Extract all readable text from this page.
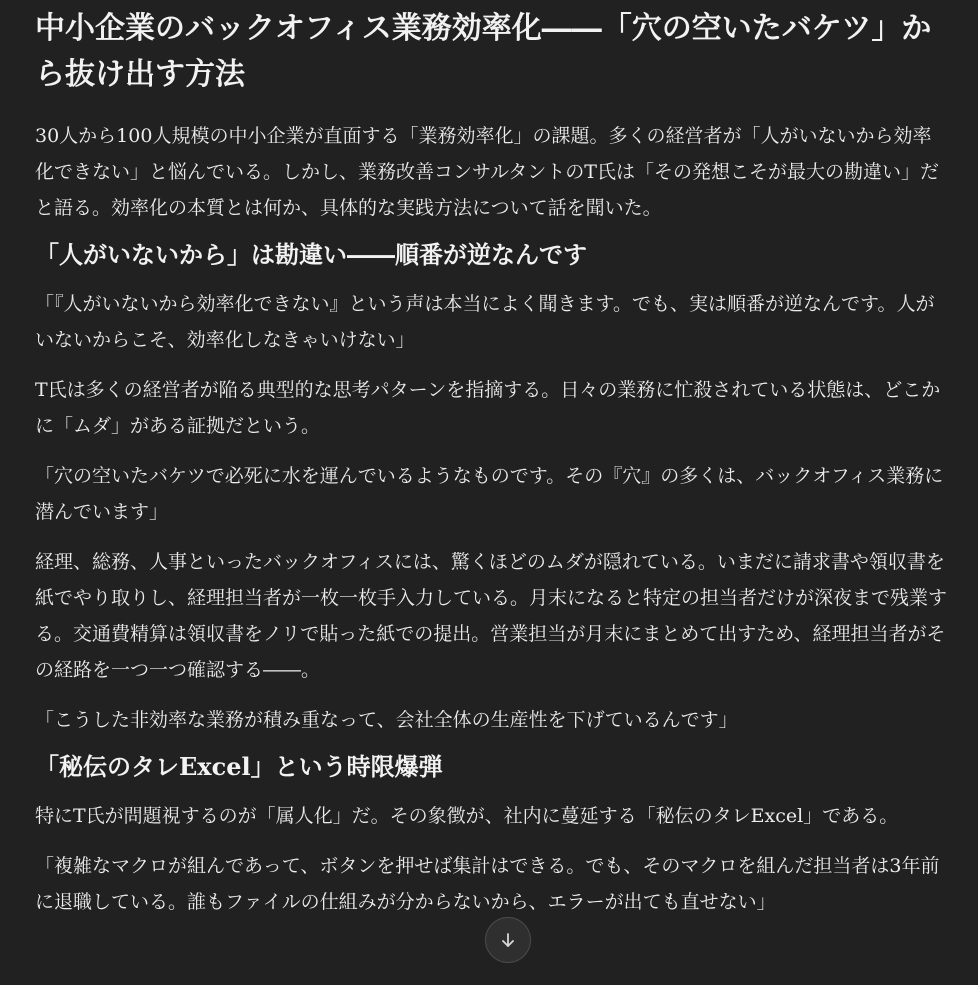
中小企業のバックオフィス業務効率化――「穴の空いたバケツ」から抜け出す方法

30人から100人規模の中小企業が直面する「業務効率化」の課題。多くの経営者が「人がいないから効率化できない」と悩んでいる。しかし、業務改善コンサルタントのT氏は「その発想こそが最大の勘違い」だと語る。効率化の本質とは何か、具体的な実践方法について話を聞いた。

「人がいないから」は勘違い――順番が逆なんです

「『人がいないから効率化できない』という声は本当によく聞きます。でも、実は順番が逆なんです。人がいないからこそ、効率化しなきゃいけない」

T氏は多くの経営者が陥る典型的な思考パターンを指摘する。日々の業務に忙殺されている状態は、どこかに「ムダ」がある証拠だという。

「穴の空いたバケツで必死に水を運んでいるようなものです。その『穴』の多くは、バックオフィス業務に潜んでいます」

経理、総務、人事といったバックオフィスには、驚くほどのムダが隠れている。いまだに請求書や領収書を紙でやり取りし、経理担当者が一枚一枚手入力している。月末になると特定の担当者だけが深夜まで残業する。交通費精算は領収書をノリで貼った紙での提出。営業担当が月末にまとめて出すため、経理担当者がその経路を一つ一つ確認する――。

「こうした非効率な業務が積み重なって、会社全体の生産性を下げているんです」

「秘伝のタレExcel」という時限爆弾

特にT氏が問題視するのが「属人化」だ。その象徴が、社内に蔓延する「秘伝のタレExcel」である。

「複雑なマクロが組んであって、ボタンを押せば集計はできる。でも、そのマクロを組んだ担当者は3年前に退職している。誰もファイルの仕組みが分からないから、エラーが出ても直せない」
